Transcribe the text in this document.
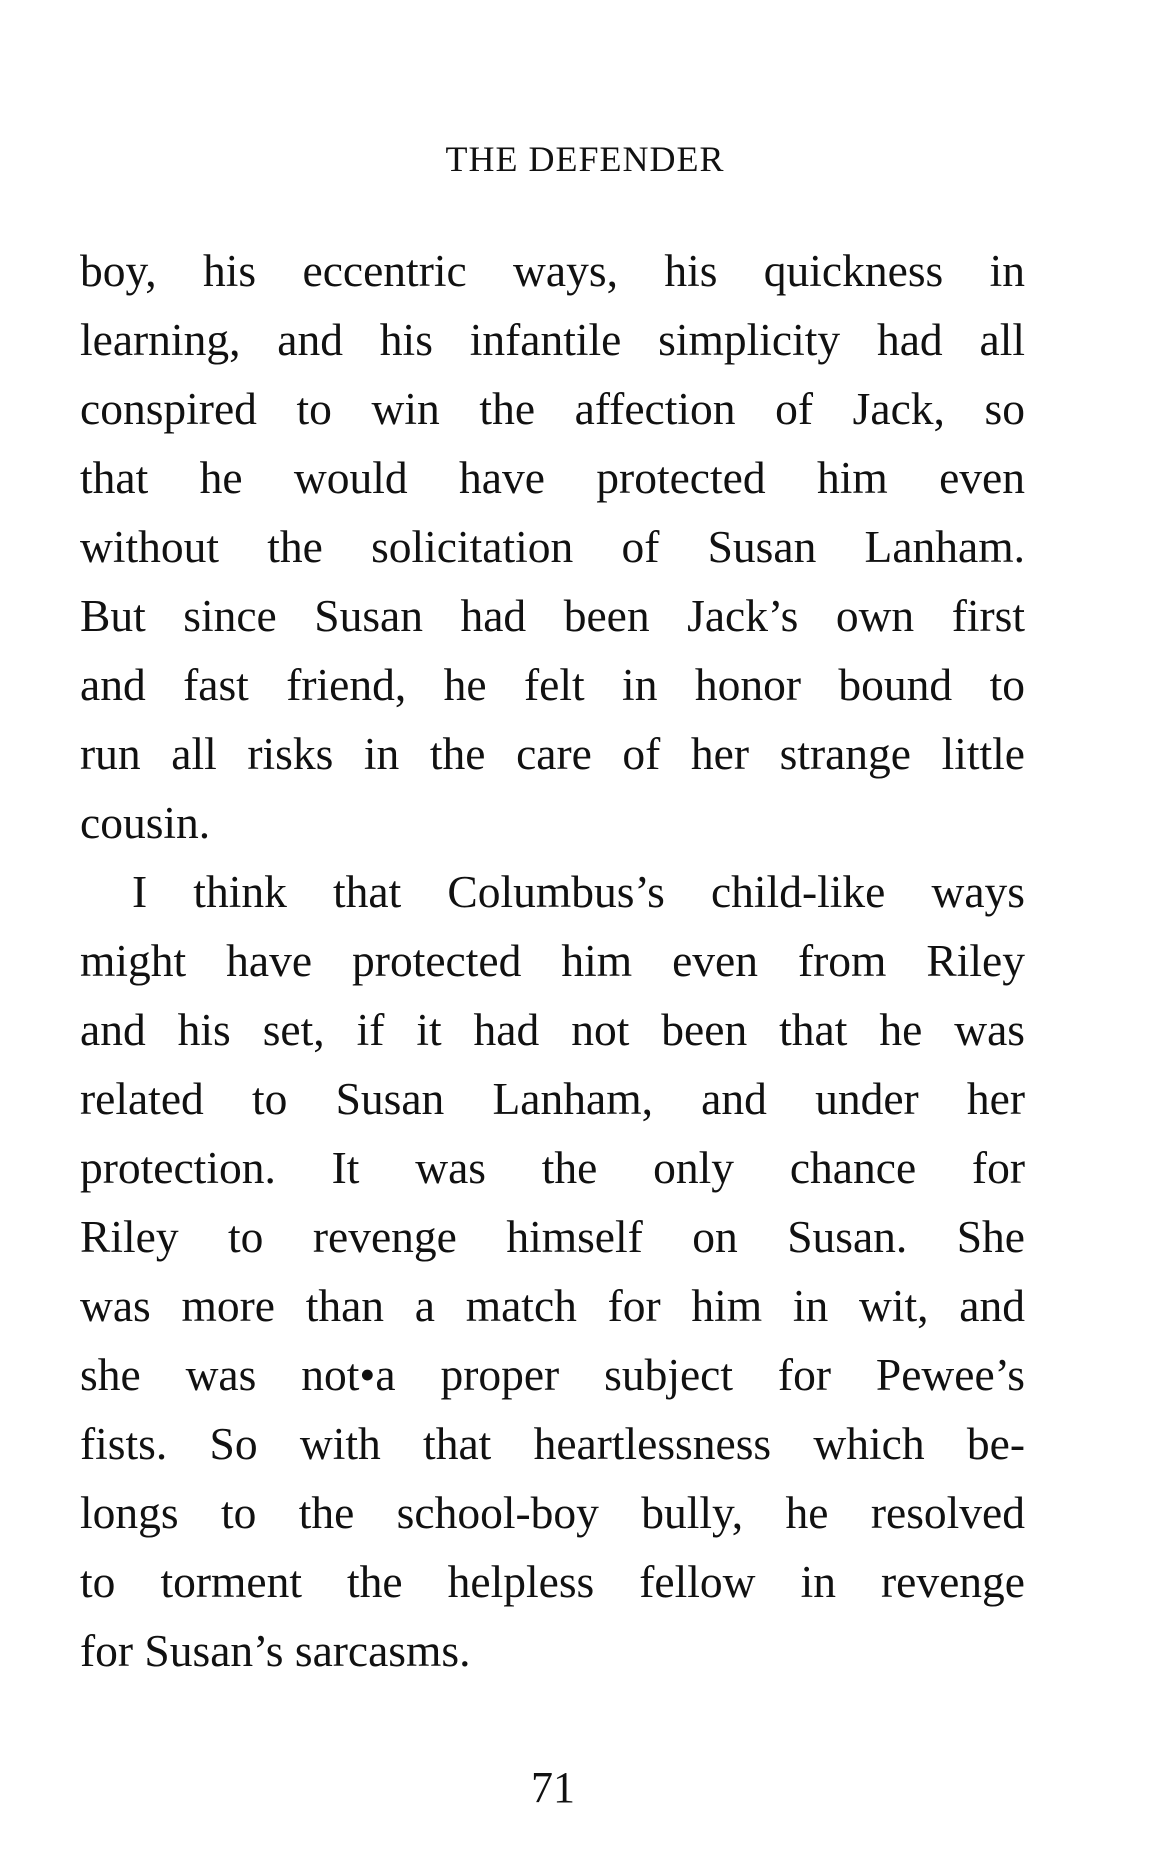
THE DEFENDER
boy, his eccentric ways, his quickness in
learning, and his infantile simplicity had all
conspired to win the affection of Jack, so
that he would have protected him even
without the solicitation of Susan Lanham.
But since Susan had been Jack’s own first
and fast friend, he felt in honor bound to
run all risks in the care of her strange little
cousin.
I think that Columbus’s child-like ways
might have protected him even from Riley
and his set, if it had not been that he was
related to Susan Lanham, and under her
protection. It was the only chance for
Riley to revenge himself on Susan. She
was more than a match for him in wit, and
she was not•a proper subject for Pewee’s
fists. So with that heartlessness which be-
longs to the school-boy bully, he resolved
to torment the helpless fellow in revenge
for Susan’s sarcasms.
71
